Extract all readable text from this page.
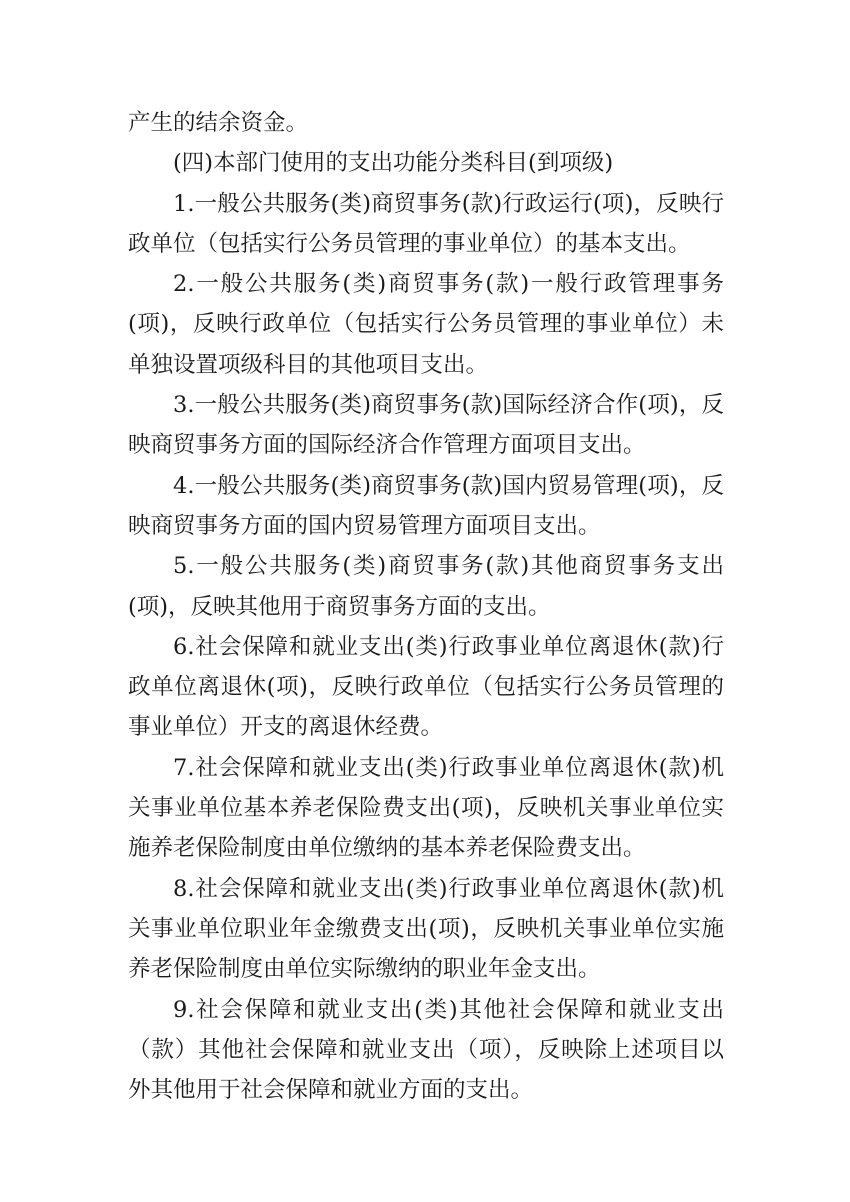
产生的结余资金。

(四)本部门使用的支出功能分类科目(到项级)

1.一般公共服务(类)商贸事务(款)行政运行(项)，反映行政单位（包括实行公务员管理的事业单位）的基本支出。

2.一般公共服务(类)商贸事务(款)一般行政管理事务(项)，反映行政单位（包括实行公务员管理的事业单位）未单独设置项级科目的其他项目支出。

3.一般公共服务(类)商贸事务(款)国际经济合作(项)，反映商贸事务方面的国际经济合作管理方面项目支出。

4.一般公共服务(类)商贸事务(款)国内贸易管理(项)，反映商贸事务方面的国内贸易管理方面项目支出。

5.一般公共服务(类)商贸事务(款)其他商贸事务支出(项)，反映其他用于商贸事务方面的支出。

6.社会保障和就业支出(类)行政事业单位离退休(款)行政单位离退休(项)，反映行政单位（包括实行公务员管理的事业单位）开支的离退休经费。

7.社会保障和就业支出(类)行政事业单位离退休(款)机关事业单位基本养老保险费支出(项)，反映机关事业单位实施养老保险制度由单位缴纳的基本养老保险费支出。

8.社会保障和就业支出(类)行政事业单位离退休(款)机关事业单位职业年金缴费支出(项)，反映机关事业单位实施养老保险制度由单位实际缴纳的职业年金支出。

9.社会保障和就业支出(类)其他社会保障和就业支出（款）其他社会保障和就业支出（项），反映除上述项目以外其他用于社会保障和就业方面的支出。
